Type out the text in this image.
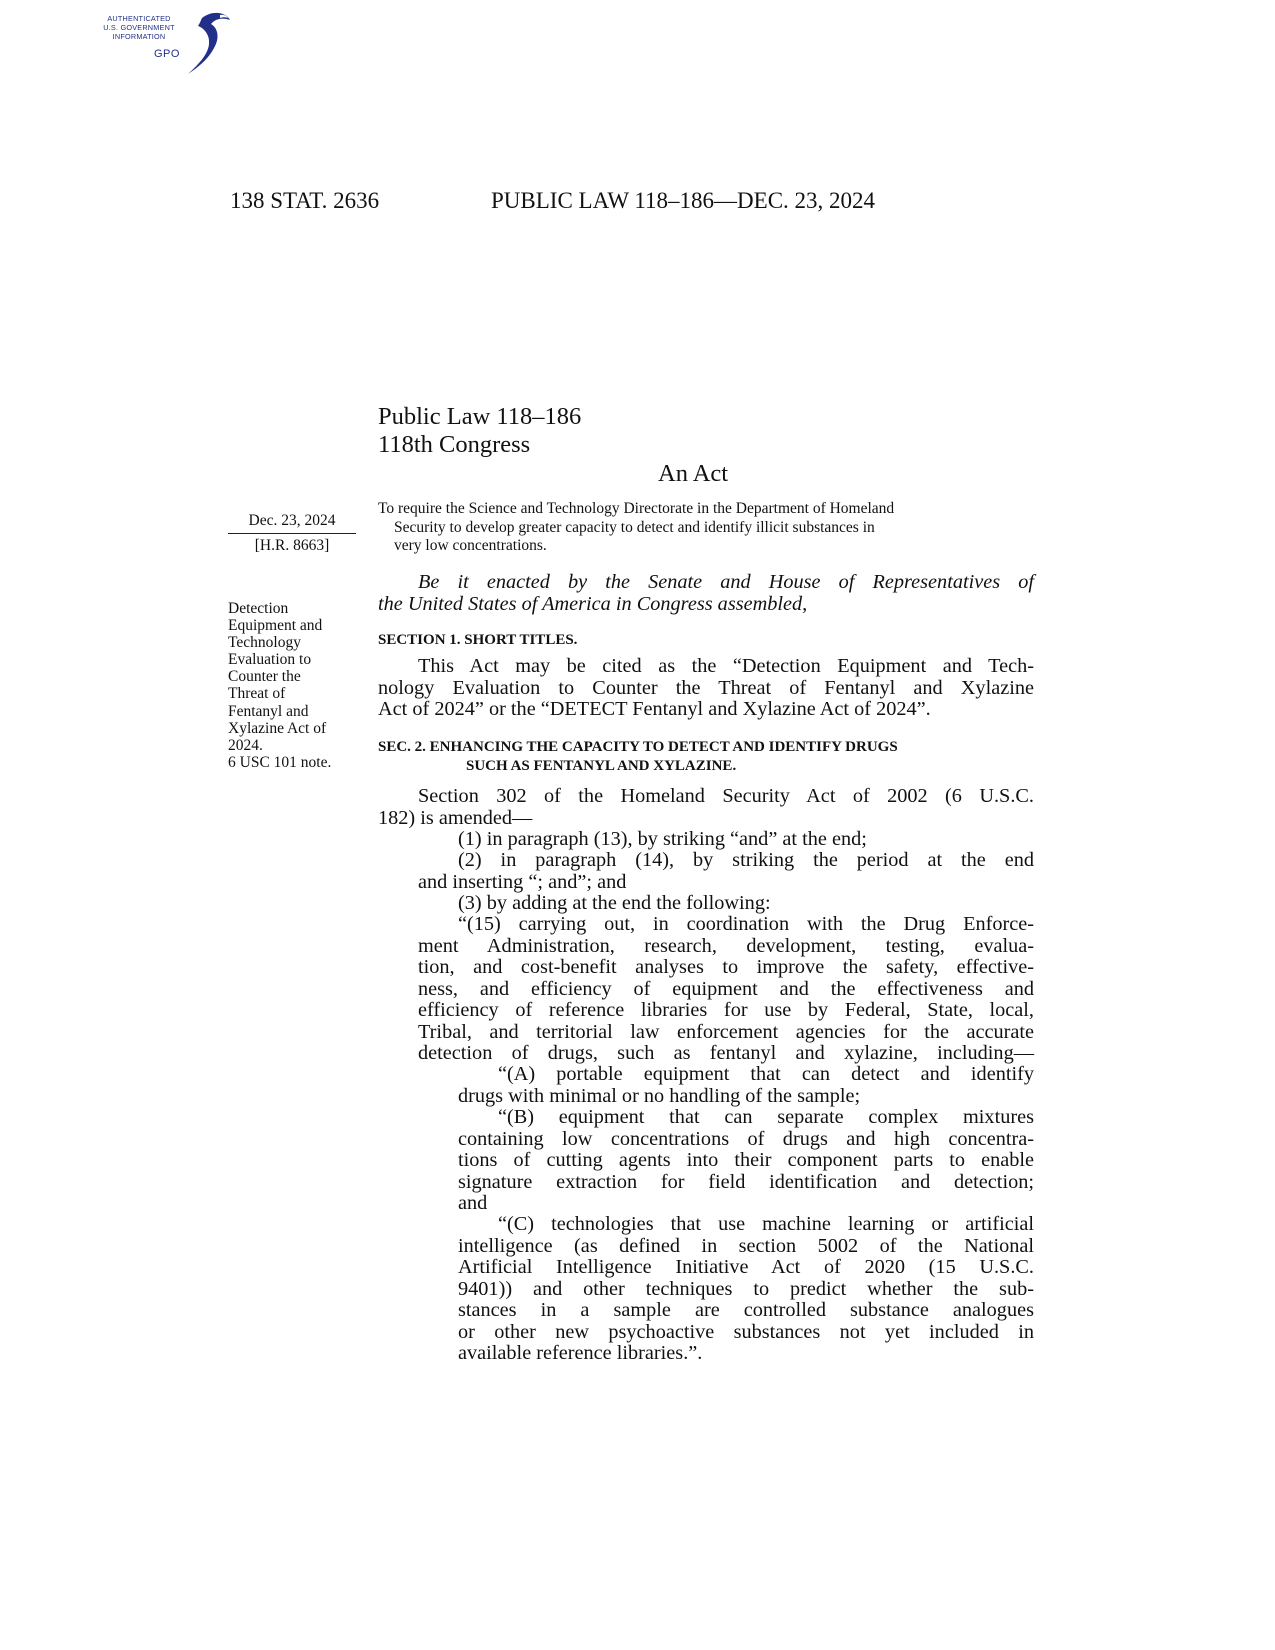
AUTHENTICATED
U.S. GOVERNMENT
INFORMATION
GPO
138 STAT. 2636	PUBLIC LAW 118–186—DEC. 23, 2024
Public Law 118–186
118th Congress
An Act
Dec. 23, 2024
[H.R. 8663]
Detection
Equipment and
Technology
Evaluation to
Counter the
Threat of
Fentanyl and
Xylazine Act of
2024.
6 USC 101 note.
To require the Science and Technology Directorate in the Department of Homeland
Security to develop greater capacity to detect and identify illicit substances in
very low concentrations.
Be it enacted by the Senate and House of Representatives of
the United States of America in Congress assembled,
SECTION 1. SHORT TITLES.
This Act may be cited as the “Detection Equipment and Tech-
nology Evaluation to Counter the Threat of Fentanyl and Xylazine
Act of 2024” or the “DETECT Fentanyl and Xylazine Act of 2024”.
SEC. 2. ENHANCING THE CAPACITY TO DETECT AND IDENTIFY DRUGS
SUCH AS FENTANYL AND XYLAZINE.
Section 302 of the Homeland Security Act of 2002 (6 U.S.C.
182) is amended—
(1) in paragraph (13), by striking “and” at the end;
(2) in paragraph (14), by striking the period at the end
and inserting “; and”; and
(3) by adding at the end the following:
“(15) carrying out, in coordination with the Drug Enforce-
ment Administration, research, development, testing, evalua-
tion, and cost-benefit analyses to improve the safety, effective-
ness, and efficiency of equipment and the effectiveness and
efficiency of reference libraries for use by Federal, State, local,
Tribal, and territorial law enforcement agencies for the accurate
detection of drugs, such as fentanyl and xylazine, including—
“(A) portable equipment that can detect and identify
drugs with minimal or no handling of the sample;
“(B) equipment that can separate complex mixtures
containing low concentrations of drugs and high concentra-
tions of cutting agents into their component parts to enable
signature extraction for field identification and detection;
and
“(C) technologies that use machine learning or artificial
intelligence (as defined in section 5002 of the National
Artificial Intelligence Initiative Act of 2020 (15 U.S.C.
9401)) and other techniques to predict whether the sub-
stances in a sample are controlled substance analogues
or other new psychoactive substances not yet included in
available reference libraries.”.
